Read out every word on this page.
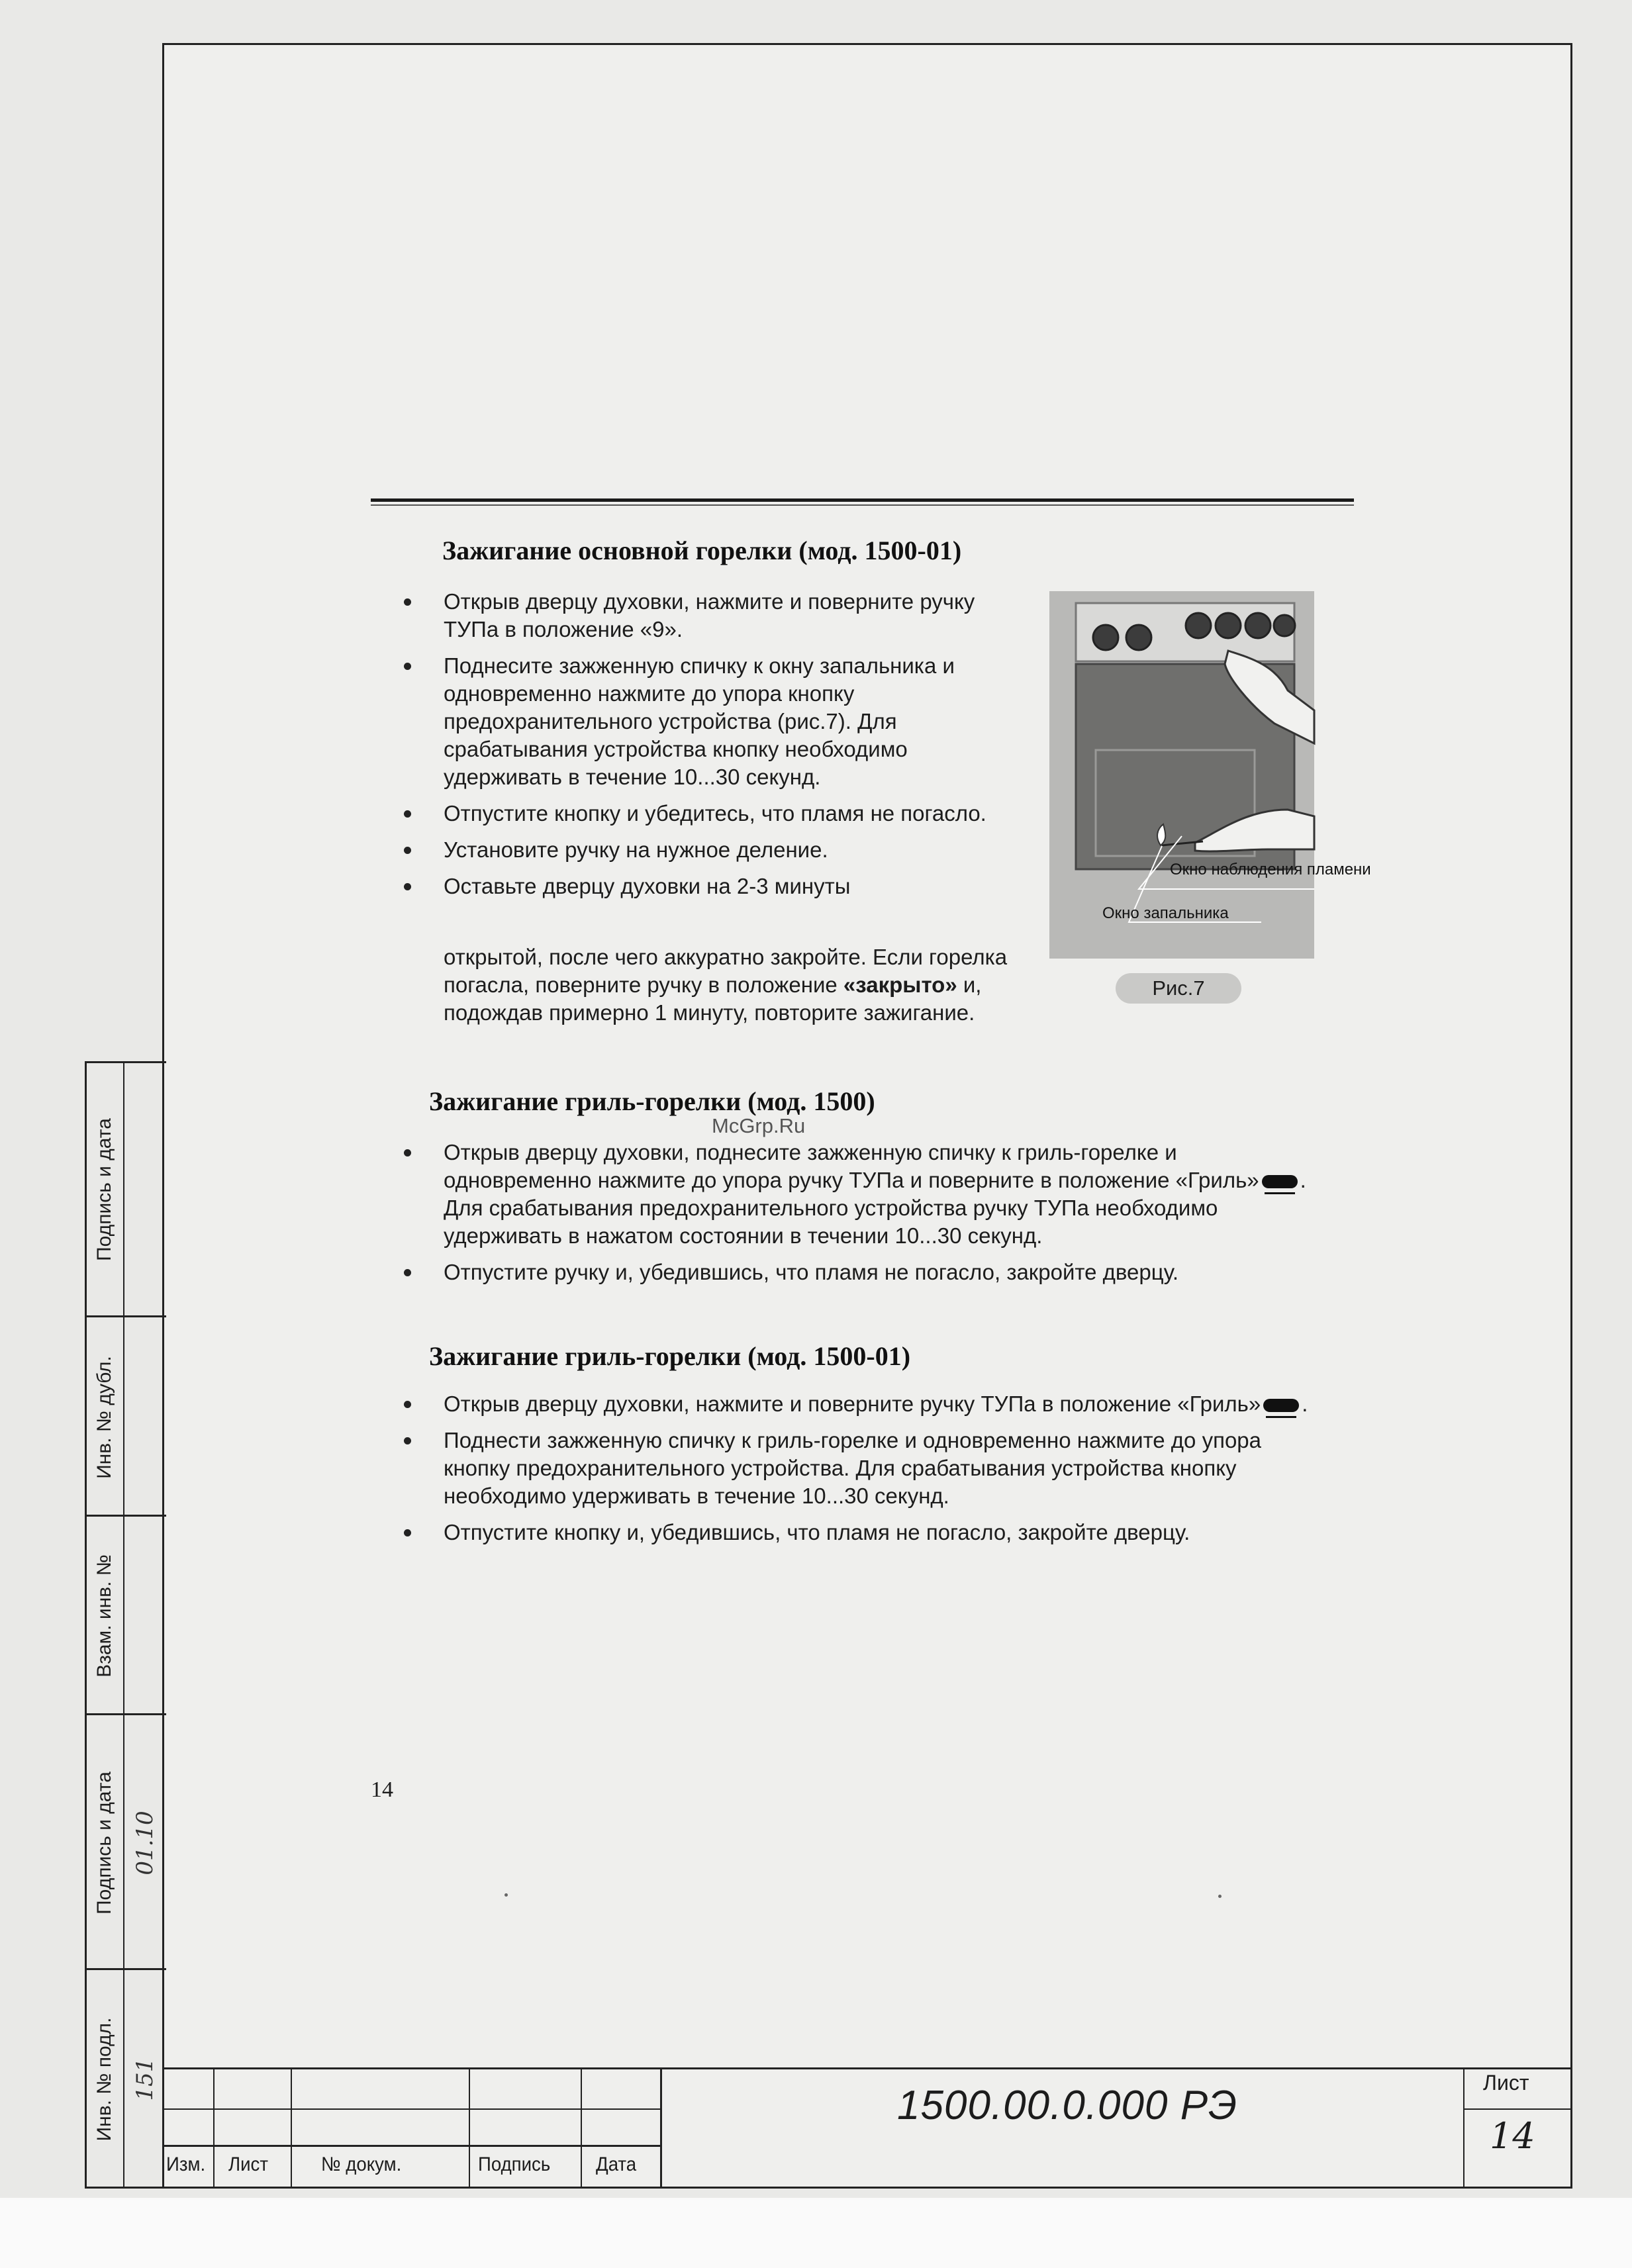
Подпись и дата
Инв. № дубл.
Взам. инв. №
Подпись и дата 01.10
Инв. № подл. 151
Зажигание основной горелки (мод. 1500-01)
Открыв дверцу духовки, нажмите и поверните ручку ТУПа в положение «9».
Поднесите зажженную спичку к окну запальника и одновременно нажмите до упора кнопку предохранительного устройства (рис.7). Для срабатывания устройства кнопку необходимо удерживать в течение 10...30 секунд.
Отпустите кнопку и убедитесь, что пламя не погасло.
Установите ручку на нужное деление.
Оставьте дверцу духовки на 2-3 минуты
открытой, после чего аккуратно закройте. Если горелка погасла, поверните ручку в положение «закрыто» и, подождав примерно 1 минуту, повторите зажигание.
Окно наблюдения пламени
Окно запальника
Рис.7
McGrp.Ru
Зажигание гриль-горелки (мод. 1500)
Открыв дверцу духовки, поднесите зажженную спичку к гриль-горелке и одновременно нажмите до упора ручку ТУПа и поверните в положение «Гриль» . Для срабатывания предохранительного устройства ручку ТУПа необходимо удерживать в нажатом состоянии в течении 10...30 секунд.
Отпустите ручку и, убедившись, что пламя не погасло, закройте дверцу.
Зажигание гриль-горелки (мод. 1500-01)
Открыв дверцу духовки, нажмите и поверните ручку ТУПа в положение «Гриль» .
Поднести зажженную спичку к гриль-горелке и одновременно нажмите до упора кнопку предохранительного устройства. Для срабатывания устройства кнопку необходимо удерживать в течение 10...30 секунд.
Отпустите кнопку и, убедившись, что пламя не погасло, закройте дверцу.
14
Изм. Лист	№ докум.	Подпись Дата
1500.00.0.000 РЭ	Лист
14
